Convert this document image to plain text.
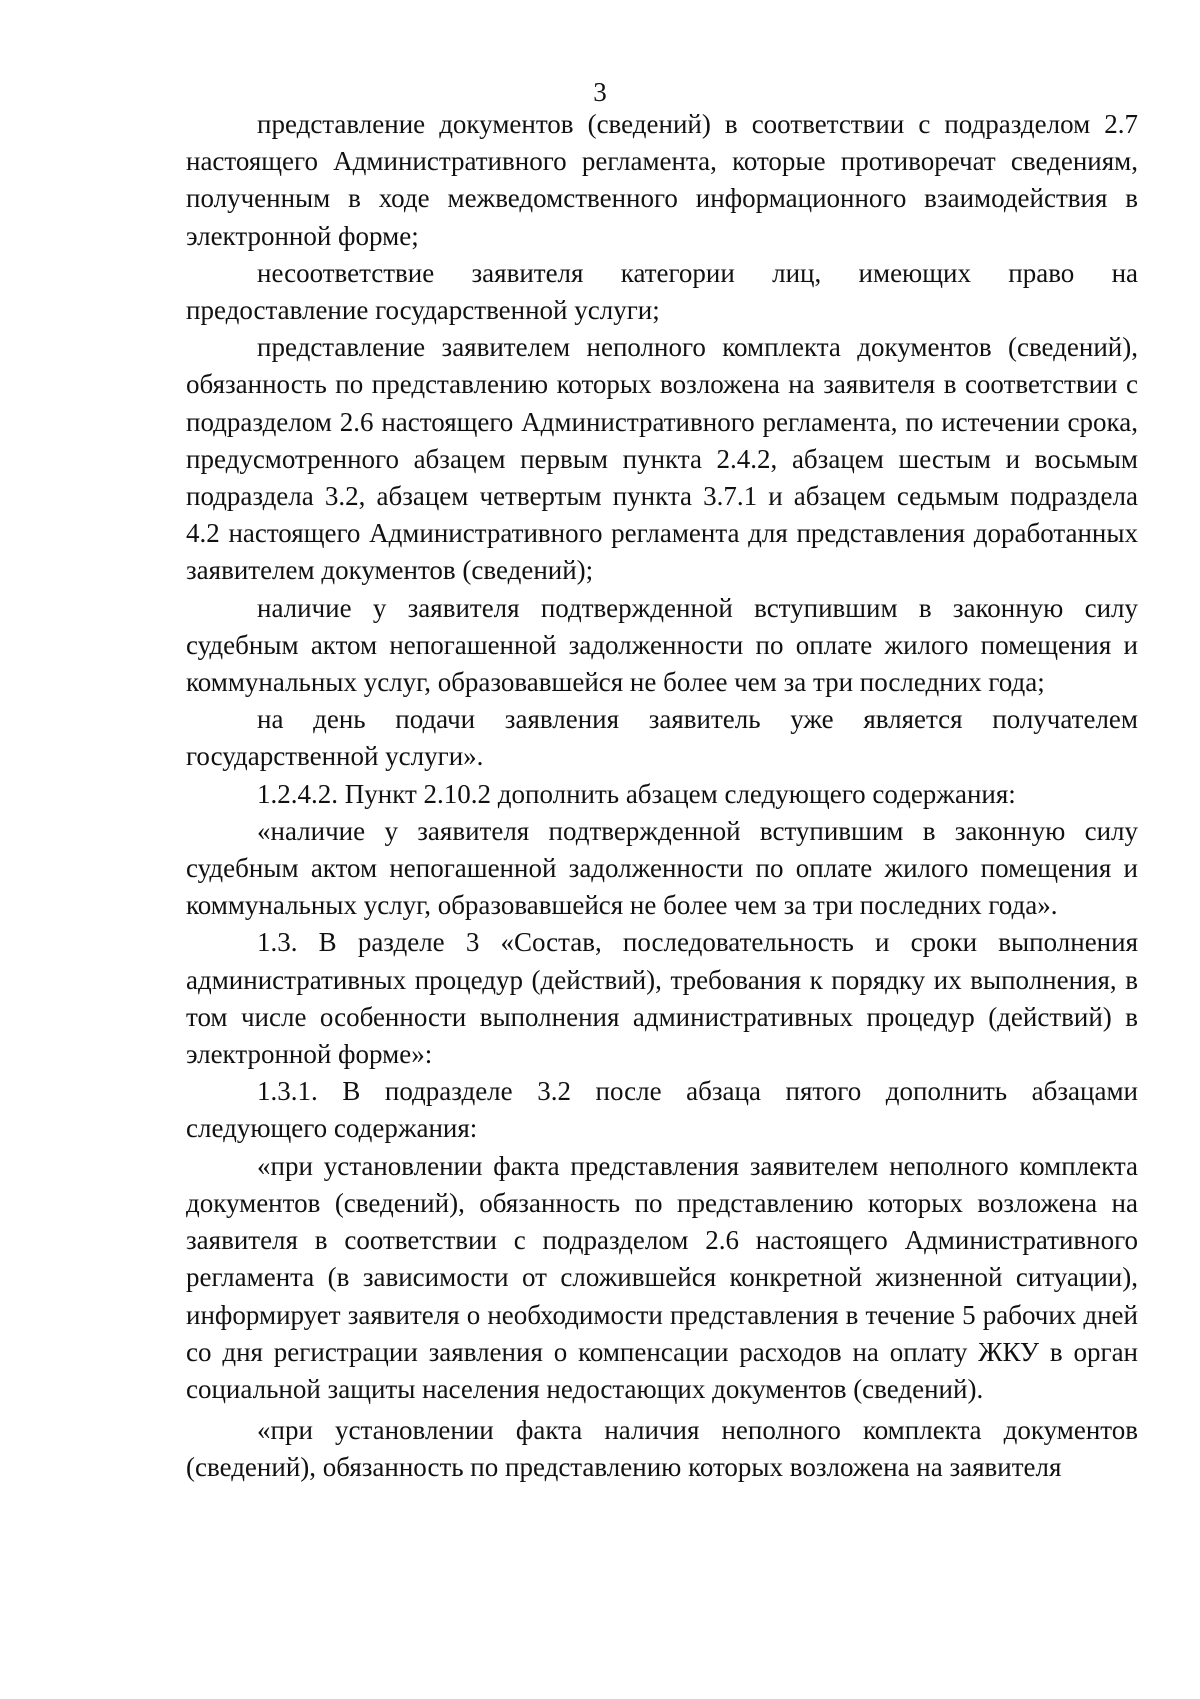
3

представление документов (сведений) в соответствии с подразделом 2.7 настоящего Административного регламента, которые противоречат сведениям, полученным в ходе межведомственного информационного взаимодействия в электронной форме;

несоответствие заявителя категории лиц, имеющих право на предоставление государственной услуги;

представление заявителем неполного комплекта документов (сведений), обязанность по представлению которых возложена на заявителя в соответствии с подразделом 2.6 настоящего Административного регламента, по истечении срока, предусмотренного абзацем первым пункта 2.4.2, абзацем шестым и восьмым подраздела 3.2, абзацем четвертым пункта 3.7.1 и абзацем седьмым подраздела 4.2 настоящего Административного регламента для представления доработанных заявителем документов (сведений);

наличие у заявителя подтвержденной вступившим в законную силу судебным актом непогашенной задолженности по оплате жилого помещения и коммунальных услуг, образовавшейся не более чем за три последних года;

на день подачи заявления заявитель уже является получателем государственной услуги».

1.2.4.2. Пункт 2.10.2 дополнить абзацем следующего содержания:

«наличие у заявителя подтвержденной вступившим в законную силу судебным актом непогашенной задолженности по оплате жилого помещения и коммунальных услуг, образовавшейся не более чем за три последних года».

1.3. В разделе 3 «Состав, последовательность и сроки выполнения административных процедур (действий), требования к порядку их выполнения, в том числе особенности выполнения административных процедур (действий) в электронной форме»:

1.3.1. В подразделе 3.2 после абзаца пятого дополнить абзацами следующего содержания:

«при установлении факта представления заявителем неполного комплекта документов (сведений), обязанность по представлению которых возложена на заявителя в соответствии с подразделом 2.6 настоящего Административного регламента (в зависимости от сложившейся конкретной жизненной ситуации), информирует заявителя о необходимости представления в течение 5 рабочих дней со дня регистрации заявления о компенсации расходов на оплату ЖКУ в орган социальной защиты населения недостающих документов (сведений).

«при установлении факта наличия неполного комплекта документов (сведений), обязанность по представлению которых возложена на заявителя
